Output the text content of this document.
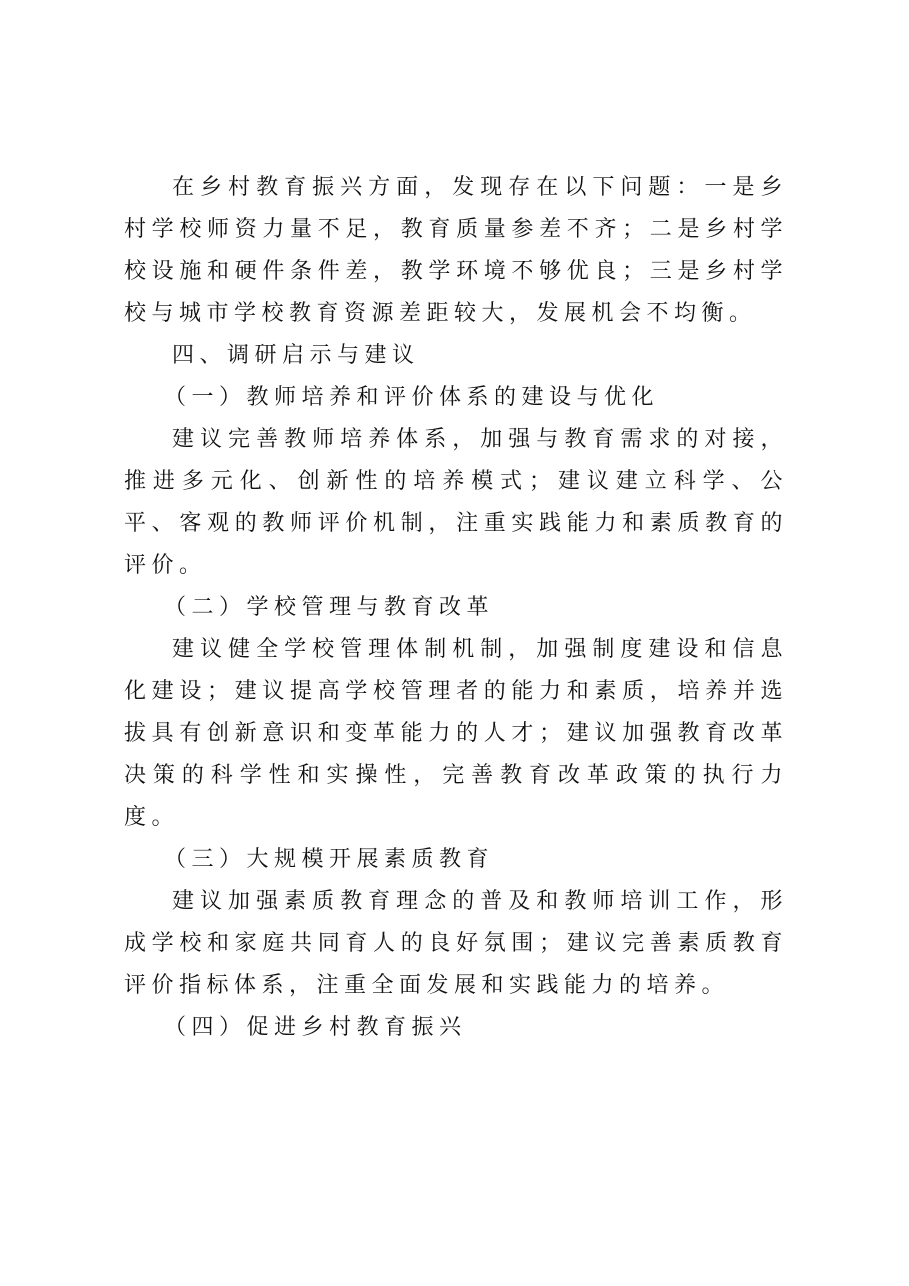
在乡村教育振兴方面，发现存在以下问题：一是乡村学校师资力量不足，教育质量参差不齐；二是乡村学校设施和硬件条件差，教学环境不够优良；三是乡村学校与城市学校教育资源差距较大，发展机会不均衡。

四、调研启示与建议

（一）教师培养和评价体系的建设与优化

建议完善教师培养体系，加强与教育需求的对接，推进多元化、创新性的培养模式；建议建立科学、公平、客观的教师评价机制，注重实践能力和素质教育的评价。

（二）学校管理与教育改革

建议健全学校管理体制机制，加强制度建设和信息化建设；建议提高学校管理者的能力和素质，培养并选拔具有创新意识和变革能力的人才；建议加强教育改革决策的科学性和实操性，完善教育改革政策的执行力度。

（三）大规模开展素质教育

建议加强素质教育理念的普及和教师培训工作，形成学校和家庭共同育人的良好氛围；建议完善素质教育评价指标体系，注重全面发展和实践能力的培养。

（四）促进乡村教育振兴
